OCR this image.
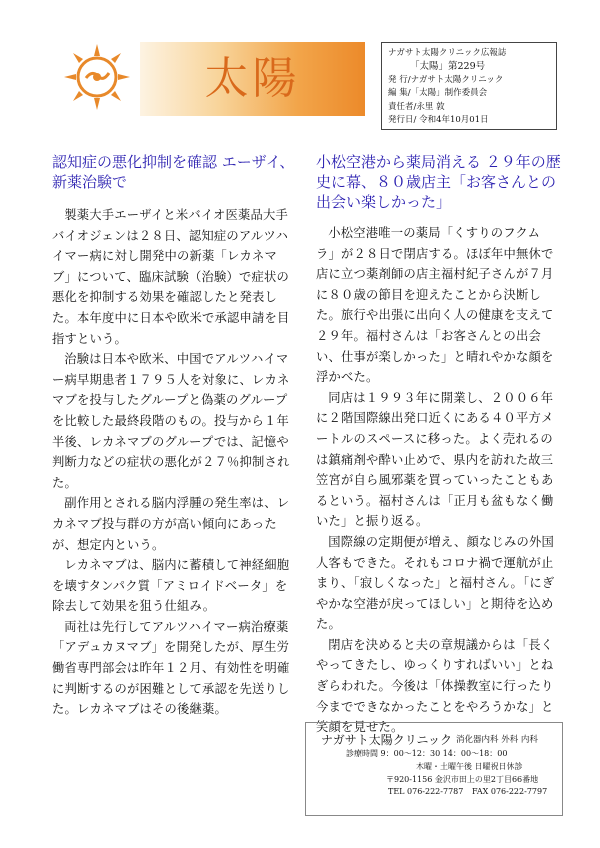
太陽	ナガサト太陽クリニック広報誌
「太陽」第229号
発 行/ナガサト太陽クリニック
編 集/「太陽」制作委員会
責任者/永里 敦
発行日/ 令和4年10月01日
認知症の悪化抑制を確認 エーザイ、新薬治験で

製薬大手エーザイと米バイオ医薬品大手バイオジェンは２８日、認知症のアルツハイマー病に対し開発中の新薬「レカネマブ」について、臨床試験（治験）で症状の悪化を抑制する効果を確認したと発表した。本年度中に日本や欧米で承認申請を目指すという。

治験は日本や欧米、中国でアルツハイマー病早期患者１７９５人を対象に、レカネマブを投与したグループと偽薬のグループを比較した最終段階のもの。投与から１年半後、レカネマブのグループでは、記憶や判断力などの症状の悪化が２７％抑制された。

副作用とされる脳内浮腫の発生率は、レカネマブ投与群の方が高い傾向にあったが、想定内という。

レカネマブは、脳内に蓄積して神経細胞を壊すタンパク質「アミロイドベータ」を除去して効果を狙う仕組み。

両社は先行してアルツハイマー病治療薬「アデュカヌマブ」を開発したが、厚生労働省専門部会は昨年１２月、有効性を明確に判断するのが困難として承認を先送りした。レカネマブはその後継薬。

小松空港から薬局消える ２９年の歴史に幕、８０歳店主「お客さんとの出会い楽しかった」

小松空港唯一の薬局「くすりのフクムラ」が２８日で閉店する。ほぼ年中無休で店に立つ薬剤師の店主福村紀子さんが７月に８０歳の節目を迎えたことから決断した。旅行や出張に出向く人の健康を支えて２９年。福村さんは「お客さんとの出会い、仕事が楽しかった」と晴れやかな顔を浮かべた。

同店は１９９３年に開業し、２００６年に２階国際線出発口近くにある４０平方メートルのスペースに移った。よく売れるのは鎮痛剤や酔い止めで、県内を訪れた故三笠宮が自ら風邪薬を買っていったこともあるという。福村さんは「正月も盆もなく働いた」と振り返る。

国際線の定期便が増え、顔なじみの外国人客もできた。それもコロナ禍で運航が止まり、「寂しくなった」と福村さん。「にぎやかな空港が戻ってほしい」と期待を込めた。

閉店を決めると夫の章規議からは「長くやってきたし、ゆっくりすればいい」とねぎらわれた。今後は「体操教室に行ったり今までできなかったことをやろうかな」と笑顔を見せた。

ナガサト太陽クリニック 消化器内科 外科 内科
診療時間 9：00～12：30 14：00～18：00
木曜・土曜午後 日曜祝日休診
〒920-1156 金沢市田上の里2丁目66番地
TEL 076-222-7787 FAX 076-222-7797
